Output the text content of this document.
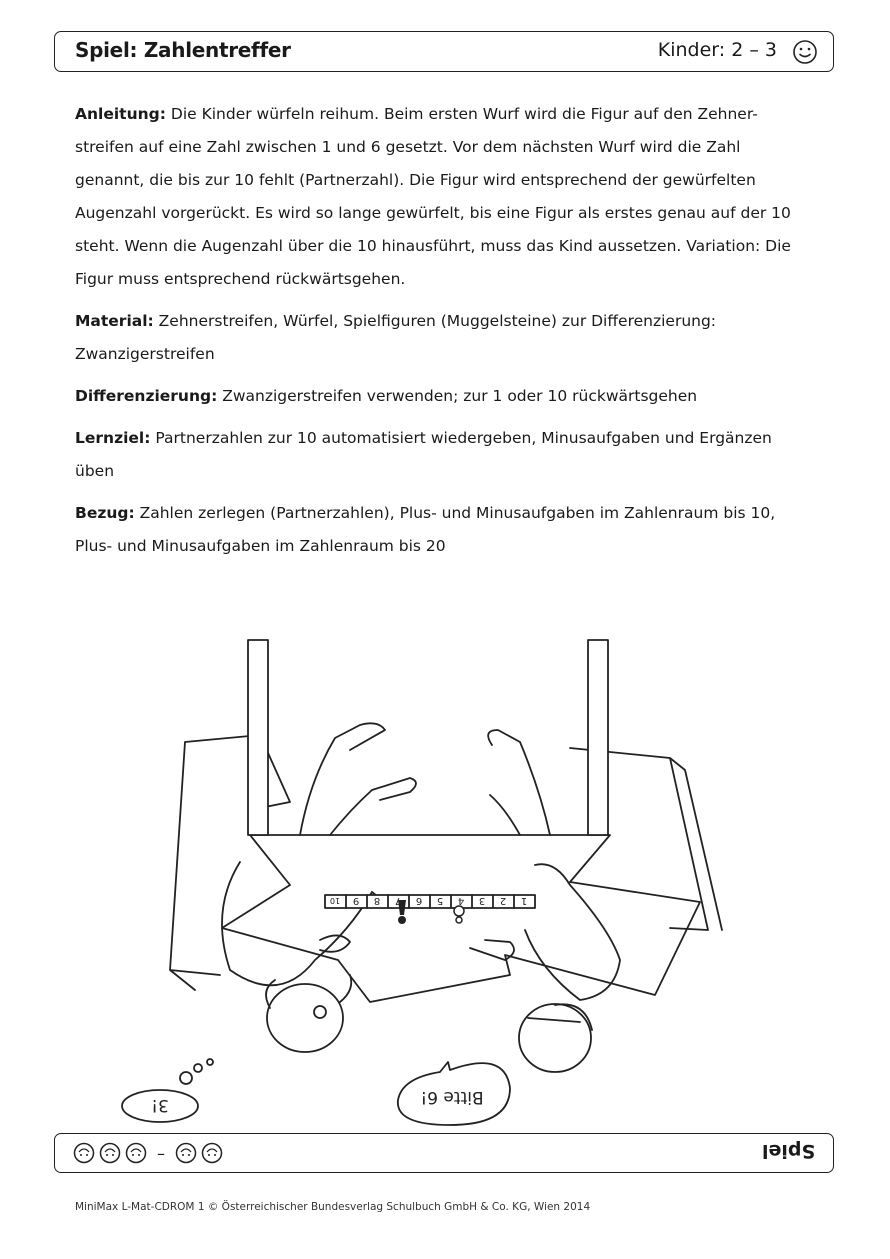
Spiel: Zahlentreffer	Kinder: 2 – 3

Anleitung: Die Kinder würfeln reihum. Beim ersten Wurf wird die Figur auf den Zehner-streifen auf eine Zahl zwischen 1 und 6 gesetzt. Vor dem nächsten Wurf wird die Zahl genannt, die bis zur 10 fehlt (Partnerzahl). Die Figur wird entsprechend der gewürfelten Augenzahl vorgerückt. Es wird so lange gewürfelt, bis eine Figur als erstes genau auf der 10 steht. Wenn die Augenzahl über die 10 hinausführt, muss das Kind aussetzen. Variation: Die Figur muss entsprechend rückwärtsgehen.

Material: Zehnerstreifen, Würfel, Spielfiguren (Muggelsteine) zur Differenzierung: Zwanzigerstreifen

Differenzierung: Zwanzigerstreifen verwenden; zur 1 oder 10 rückwärtsgehen

Lernziel: Partnerzahlen zur 10 automatisiert wiedergeben, Minusaufgaben und Ergänzen üben

Bezug: Zahlen zerlegen (Partnerzahlen), Plus- und Minusaufgaben im Zahlenraum bis 10, Plus- und Minusaufgaben im Zahlenraum bis 20

1
2
3
4
5
6
7
8
9
10
3!	Bitte 6!
–	Spiel
MiniMax L-Mat-CDROM 1 © Österreichischer Bundesverlag Schulbuch GmbH & Co. KG, Wien 2014
